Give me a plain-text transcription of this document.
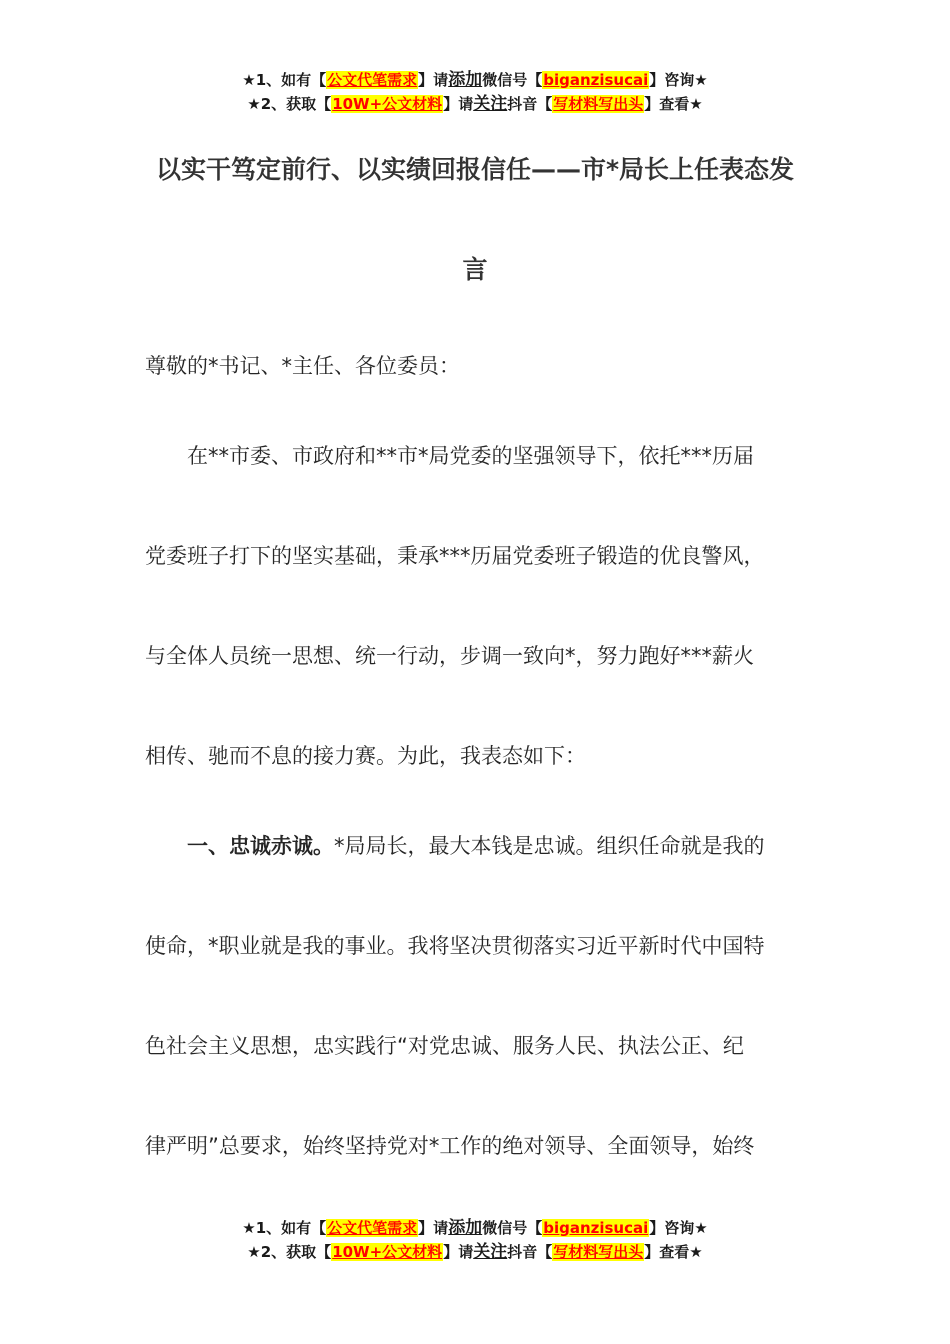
★1、如有【公文代笔需求】请添加微信号【biganzisucai】咨询★
★2、获取【10W+公文材料】请关注抖音【写材料写出头】查看★
以实干笃定前行、以实绩回报信任——市*局长上任表态发
言
尊敬的*书记、*主任、各位委员：
　　在**市委、市政府和**市*局党委的坚强领导下，依托***历届
党委班子打下的坚实基础，秉承***历届党委班子锻造的优良警风，
与全体人员统一思想、统一行动，步调一致向*，努力跑好***薪火
相传、驰而不息的接力赛。为此，我表态如下：
　　一、忠诚赤诚。*局局长，最大本钱是忠诚。组织任命就是我的
使命，*职业就是我的事业。我将坚决贯彻落实习近平新时代中国特
色社会主义思想，忠实践行“对党忠诚、服务人民、执法公正、纪
律严明”总要求，始终坚持党对*工作的绝对领导、全面领导，始终
★1、如有【公文代笔需求】请添加微信号【biganzisucai】咨询★
★2、获取【10W+公文材料】请关注抖音【写材料写出头】查看★
